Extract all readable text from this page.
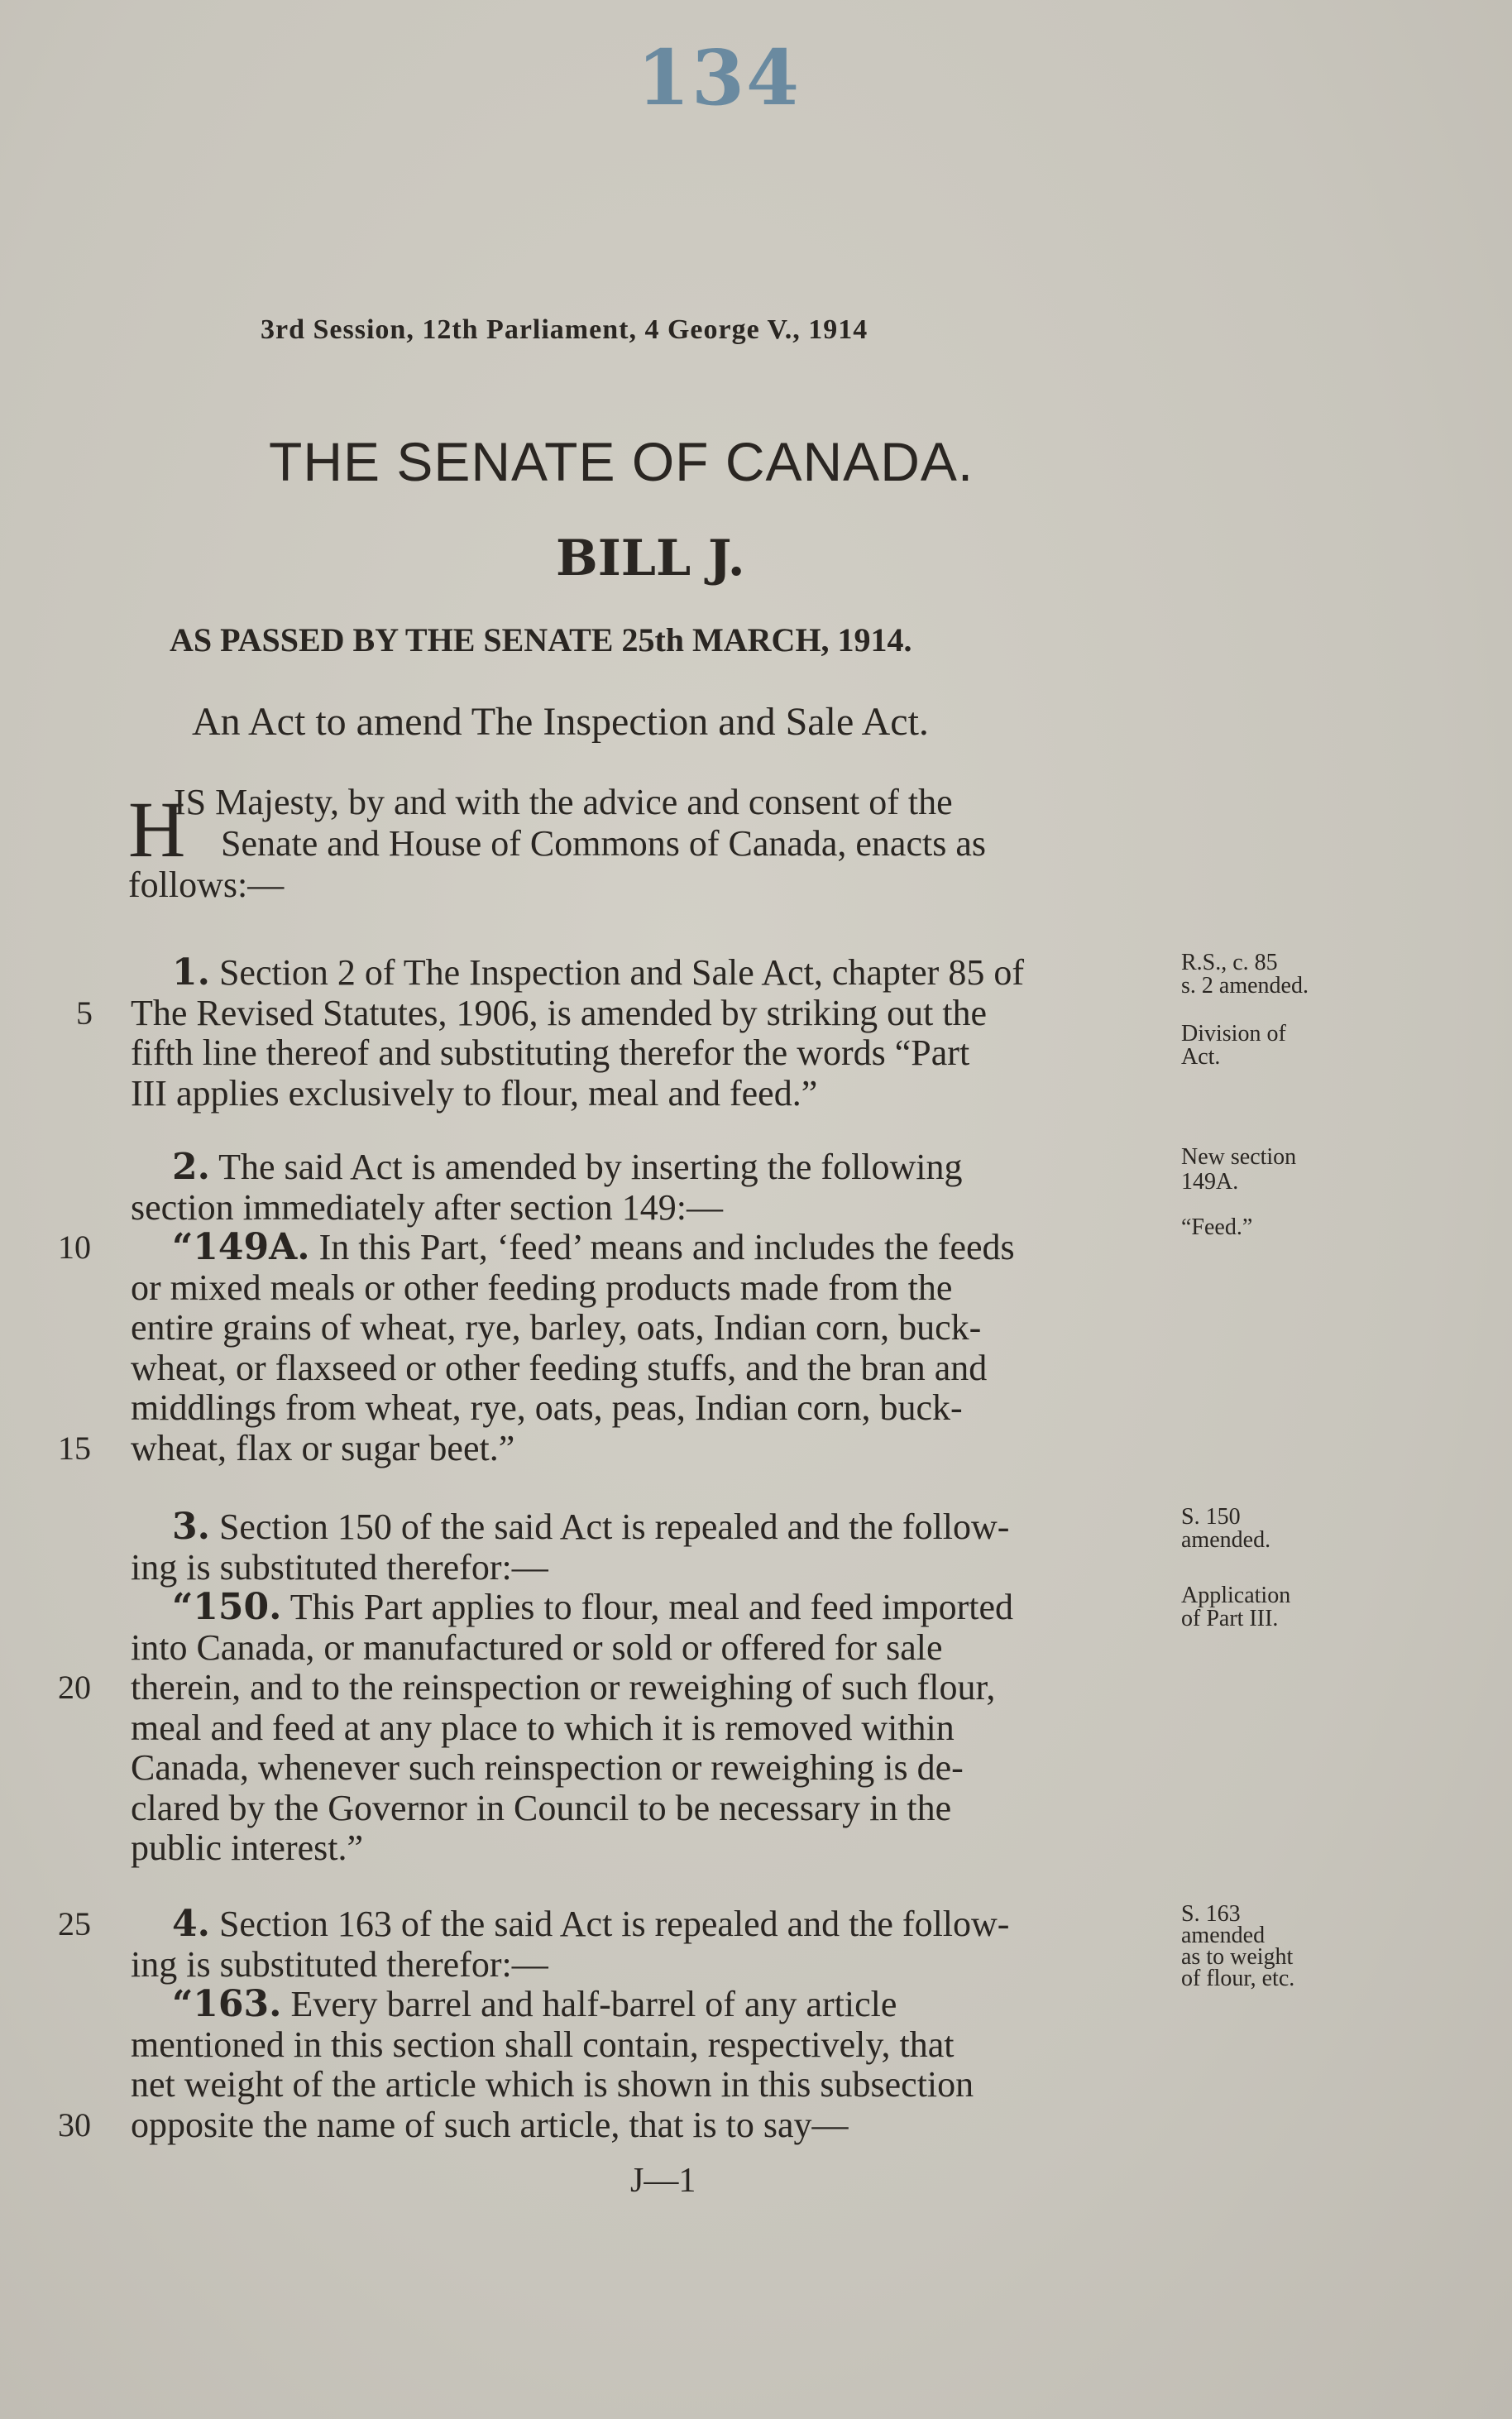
134
3rd Session, 12th Parliament, 4 George V., 1914
THE SENATE OF CANADA.
BILL J.
AS PASSED BY THE SENATE 25th MARCH, 1914.
An Act to amend The Inspection and Sale Act.
H
IS Majesty, by and with the advice and consent of the
Senate and House of Commons of Canada, enacts as
follows:—
1. Section 2 of The Inspection and Sale Act, chapter 85 of
The Revised Statutes, 1906, is amended by striking out the
5
fifth line thereof and substituting therefor the words “Part
III applies exclusively to flour, meal and feed.”
R.S., c. 85
s. 2 amended.
Division of
Act.
2. The said Act is amended by inserting the following
section immediately after section 149:—
“149A. In this Part, ‘feed’ means and includes the feeds
10
or mixed meals or other feeding products made from the
entire grains of wheat, rye, barley, oats, Indian corn, buck-
wheat, or flaxseed or other feeding stuffs, and the bran and
middlings from wheat, rye, oats, peas, Indian corn, buck-
wheat, flax or sugar beet.”
15
New section
149A.
“Feed.”
3. Section 150 of the said Act is repealed and the follow-
ing is substituted therefor:—
“150. This Part applies to flour, meal and feed imported
into Canada, or manufactured or sold or offered for sale
therein, and to the reinspection or reweighing of such flour,
20
meal and feed at any place to which it is removed within
Canada, whenever such reinspection or reweighing is de-
clared by the Governor in Council to be necessary in the
public interest.”
S. 150
amended.
Application
of Part III.
4. Section 163 of the said Act is repealed and the follow-
25
ing is substituted therefor:—
“163. Every barrel and half-barrel of any article
mentioned in this section shall contain, respectively, that
net weight of the article which is shown in this subsection
opposite the name of such article, that is to say—
30
S. 163
amended
as to weight
of flour, etc.
J—1
